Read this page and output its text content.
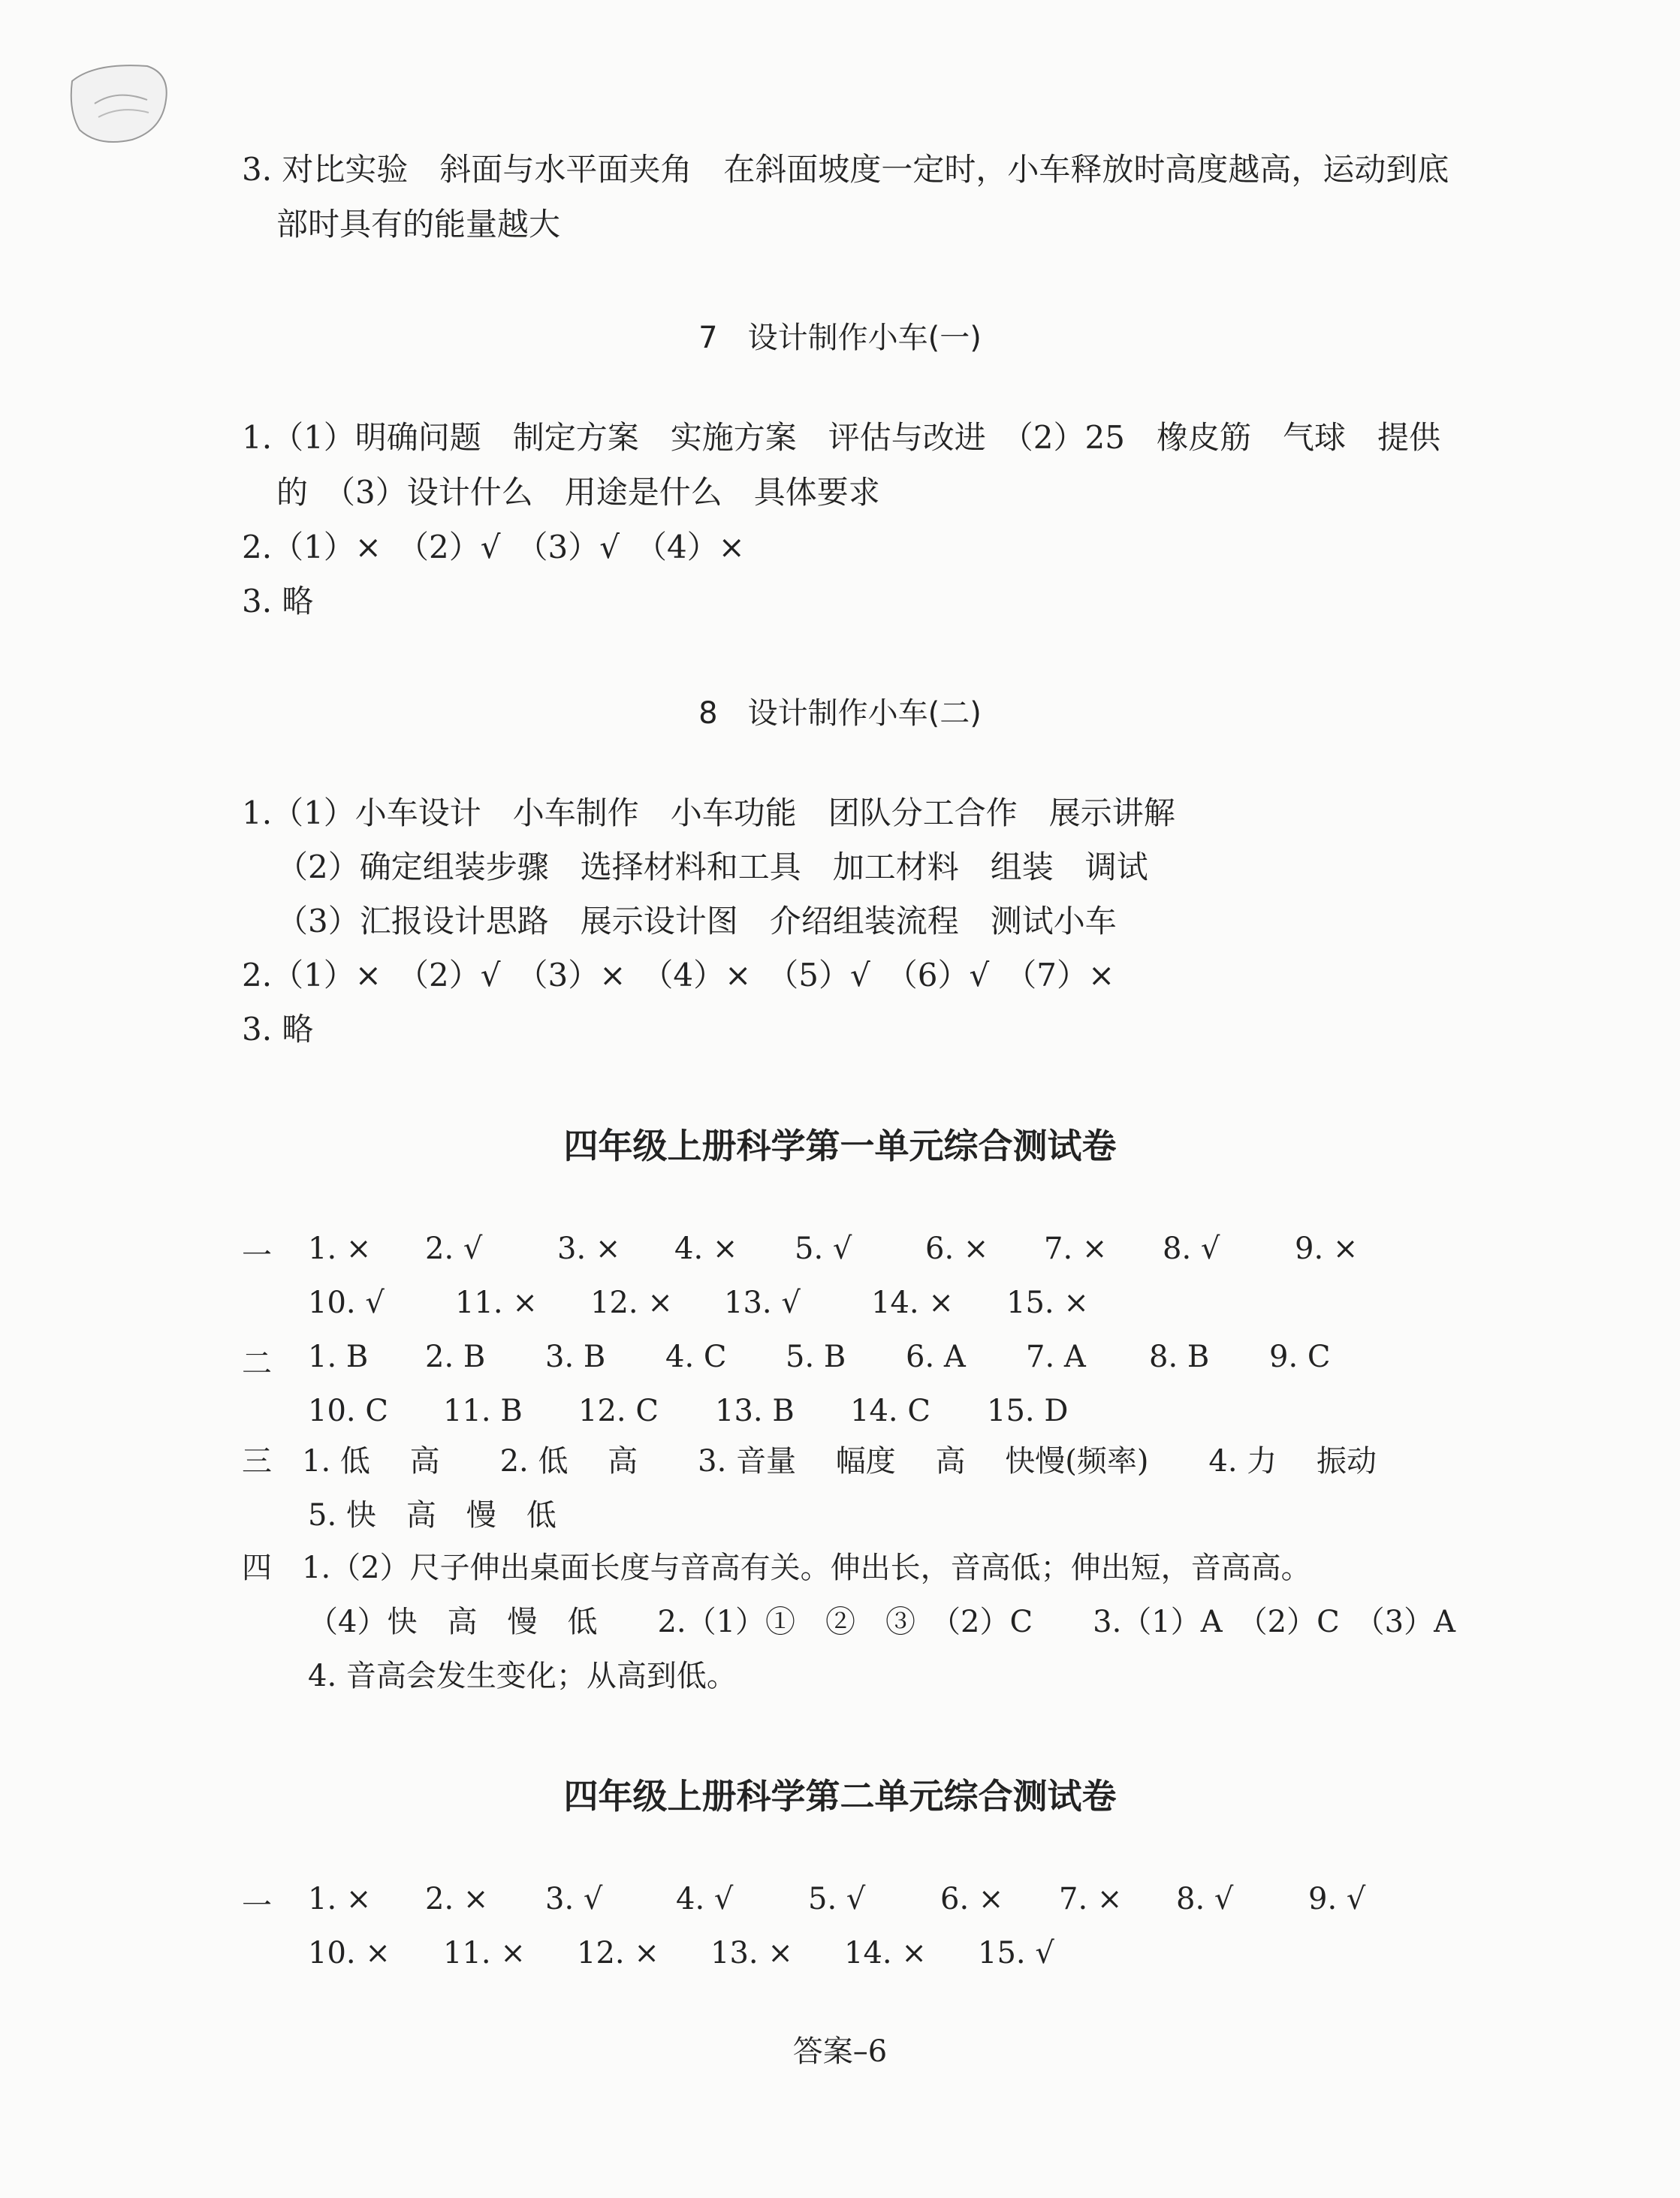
3. 对比实验　斜面与水平面夹角　在斜面坡度一定时，小车释放时高度越高，运动到底
部时具有的能量越大
7　设计制作小车(一)
1.（1）明确问题　制定方案　实施方案　评估与改进　（2）25　橡皮筋　气球　提供
的　（3）设计什么　用途是什么　具体要求
2.（1）×　（2）√　（3）√　（4）×
3. 略
8　设计制作小车(二)
1.（1）小车设计　小车制作　小车功能　团队分工合作　展示讲解
（2）确定组装步骤　选择材料和工具　加工材料　组装　调试
（3）汇报设计思路　展示设计图　介绍组装流程　测试小车
2.（1）×　（2）√　（3）×　（4）×　（5）√　（6）√　（7）×
3. 略
四年级上册科学第一单元综合测试卷
一 1. × 2. √ 3. × 4. × 5. √ 6. × 7. × 8. √ 9. ×
10. √ 11. × 12. × 13. √ 14. × 15. ×
二 1. B 2. B 3. B 4. C 5. B 6. A 7. A 8. B 9. C
10. C 11. B 12. C 13. B 14. C 15. D
三　1. 低　 高　　2. 低　 高　　3. 音量　 幅度　 高　 快慢(频率)　　4. 力　 振动
5. 快　高　慢　低
四　1.（2）尺子伸出桌面长度与音高有关。伸出长，音高低；伸出短，音高高。
（4）快　高　慢　低　　2.（1）①　②　③　（2）C　　3.（1）A　（2）C　（3）A
4. 音高会发生变化；从高到低。
四年级上册科学第二单元综合测试卷
一 1. × 2. × 3. √ 4. √ 5. √ 6. × 7. × 8. √ 9. √
10. × 11. × 12. × 13. × 14. × 15. √
答案–6
